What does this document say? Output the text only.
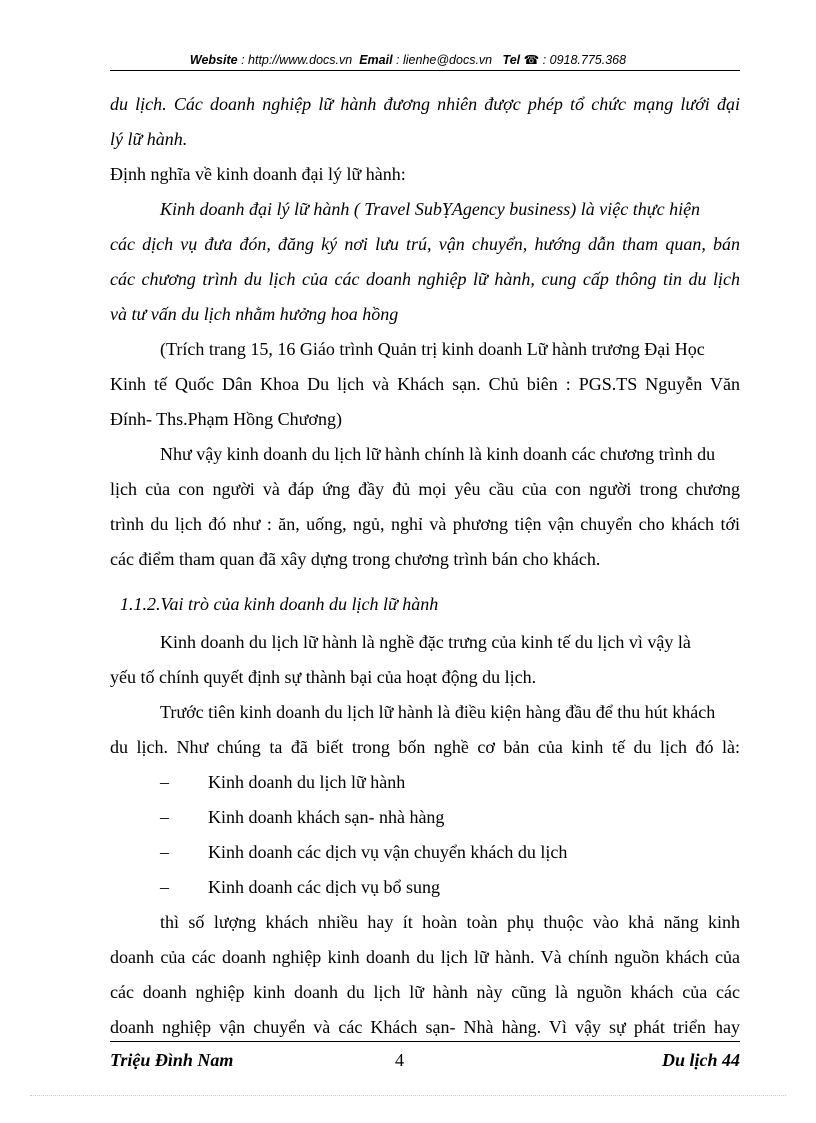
Website : http://www.docs.vn Email : lienhe@docs.vn Tel ☎ : 0918.775.368
du lịch. Các doanh nghiệp lữ hành đương nhiên được phép tổ chức mạng lưới đại
lý lữ hành.
Định nghĩa về kinh doanh đại lý lữ hành:
Kinh doanh đại lý lữ hành ( Travel SubỴAgency business) là việc thực hiện
các dịch vụ đưa đón, đăng ký nơi lưu trú, vận chuyển, hướng dẫn tham quan, bán
các chương trình du lịch của các doanh nghiệp lữ hành, cung cấp thông tin du lịch
và tư vấn du lịch nhằm hưởng hoa hồng
(Trích trang 15, 16 Giáo trình Quản trị kinh doanh Lữ hành trương Đại Học
Kinh tế Quốc Dân Khoa Du lịch và Khách sạn. Chủ biên : PGS.TS Nguyễn Văn
Đính- Ths.Phạm Hồng Chương)
Như vậy kinh doanh du lịch lữ hành chính là kinh doanh các chương trình du
lịch của con người và đáp ứng đầy đủ mọi yêu cầu của con người trong chương
trình du lịch đó như : ăn, uống, ngủ, nghỉ và phương tiện vận chuyển cho khách tới
các điểm tham quan đã xây dựng trong chương trình bán cho khách.
1.1.2.Vai trò của kinh doanh du lịch lữ hành
Kinh doanh du lịch lữ hành là nghề đặc trưng của kinh tế du lịch vì vậy là
yếu tố chính quyết định sự thành bại của hoạt động du lịch.
Trước tiên kinh doanh du lịch lữ hành là điều kiện hàng đầu để thu hút khách
du lịch. Như chúng ta đã biết trong bốn nghề cơ bản của kinh tế du lịch đó là:
– Kinh doanh du lịch lữ hành
– Kinh doanh khách sạn- nhà hàng
– Kinh doanh các dịch vụ vận chuyển khách du lịch
– Kinh doanh các dịch vụ bổ sung
thì số lượng khách nhiều hay ít hoàn toàn phụ thuộc vào khả năng kinh
doanh của các doanh nghiệp kinh doanh du lịch lữ hành. Và chính nguồn khách của
các doanh nghiệp kinh doanh du lịch lữ hành này cũng là nguồn khách của các
doanh nghiệp vận chuyển và các Khách sạn- Nhà hàng. Vì vậy sự phát triển hay
Triệu Đình Nam	4	Du lịch 44
